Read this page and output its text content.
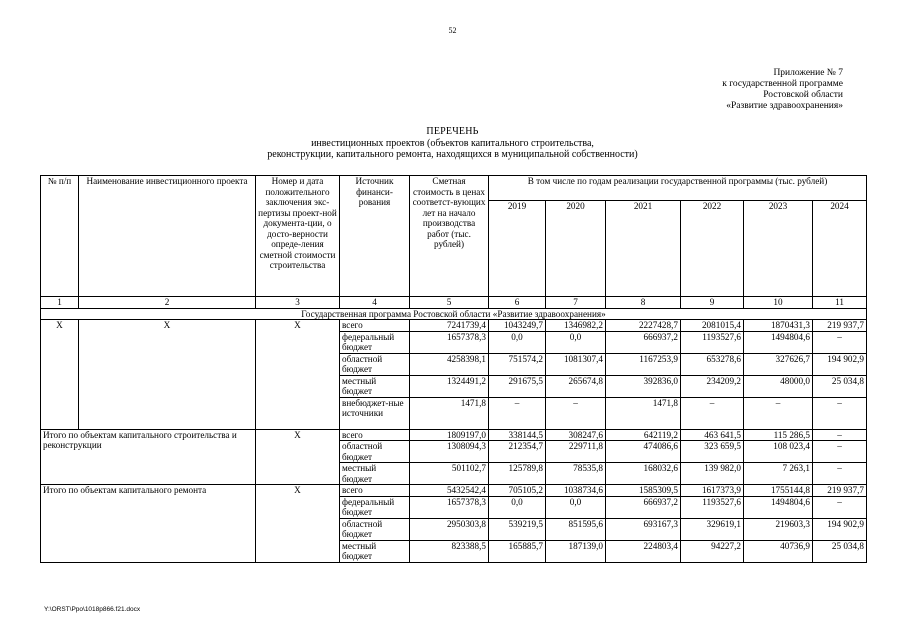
52
Приложение № 7
к государственной программе
Ростовской области
«Развитие здравоохранения»
ПЕРЕЧЕНЬ
инвестиционных проектов (объектов капитального строительства,
реконструкции, капитального ремонта, находящихся в муниципальной собственности)
№ п/п	Наименование инвестиционного проекта	Номер и дата положительного заключения экс-пертизы проект-ной документа-ции, о досто-верности опреде-ления сметной стоимости строительства	Источник финанси-рования	Сметная стоимость в ценах соответст-вующих лет на начало производства работ (тыс. рублей)	В том числе по годам реализации государственной программы (тыс. рублей)					
					2019	2020	2021	2022	2023	2024
1	2	3	4	5	6	7	8	9	10	11
Государственная программа Ростовской области «Развитие здравоохранения»										
Х	Х	Х	всего	7241739,4	1043249,7	1346982,2	2227428,7	2081015,4	1870431,3	219 937,7
			федеральный бюджет	1657378,3	0,0	0,0	666937,2	1193527,6	1494804,6	–
			областной бюджет	4258398,1	751574,2	1081307,4	1167253,9	653278,6	327626,7	194 902,9
			местный бюджет	1324491,2	291675,5	265674,8	392836,0	234209,2	48000,0	25 034,8
			внебюджет-ные источники	1471,8	–	–	1471,8	–	–	–
Итого по объектам капитального строительства и реконструкции		Х	всего	1809197,0	338144,5	308247,6	642119,2	463 641,5	115 286,5	–
			областной бюджет	1308094,3	212354,7	229711,8	474086,6	323 659,5	108 023,4	–
			местный бюджет	501102,7	125789,8	78535,8	168032,6	139 982,0	7 263,1	–
Итого по объектам капитального ремонта		Х	всего	5432542,4	705105,2	1038734,6	1585309,5	1617373,9	1755144,8	219 937,7
			федеральный бюджет	1657378,3	0,0	0,0	666937,2	1193527,6	1494804,6	–
			областной бюджет	2950303,8	539219,5	851595,6	693167,3	329619,1	219603,3	194 902,9
			местный бюджет	823388,5	165885,7	187139,0	224803,4	94227,2	40736,9	25 034,8
Y:\ORST\Ppo\1018p866.f21.docx
